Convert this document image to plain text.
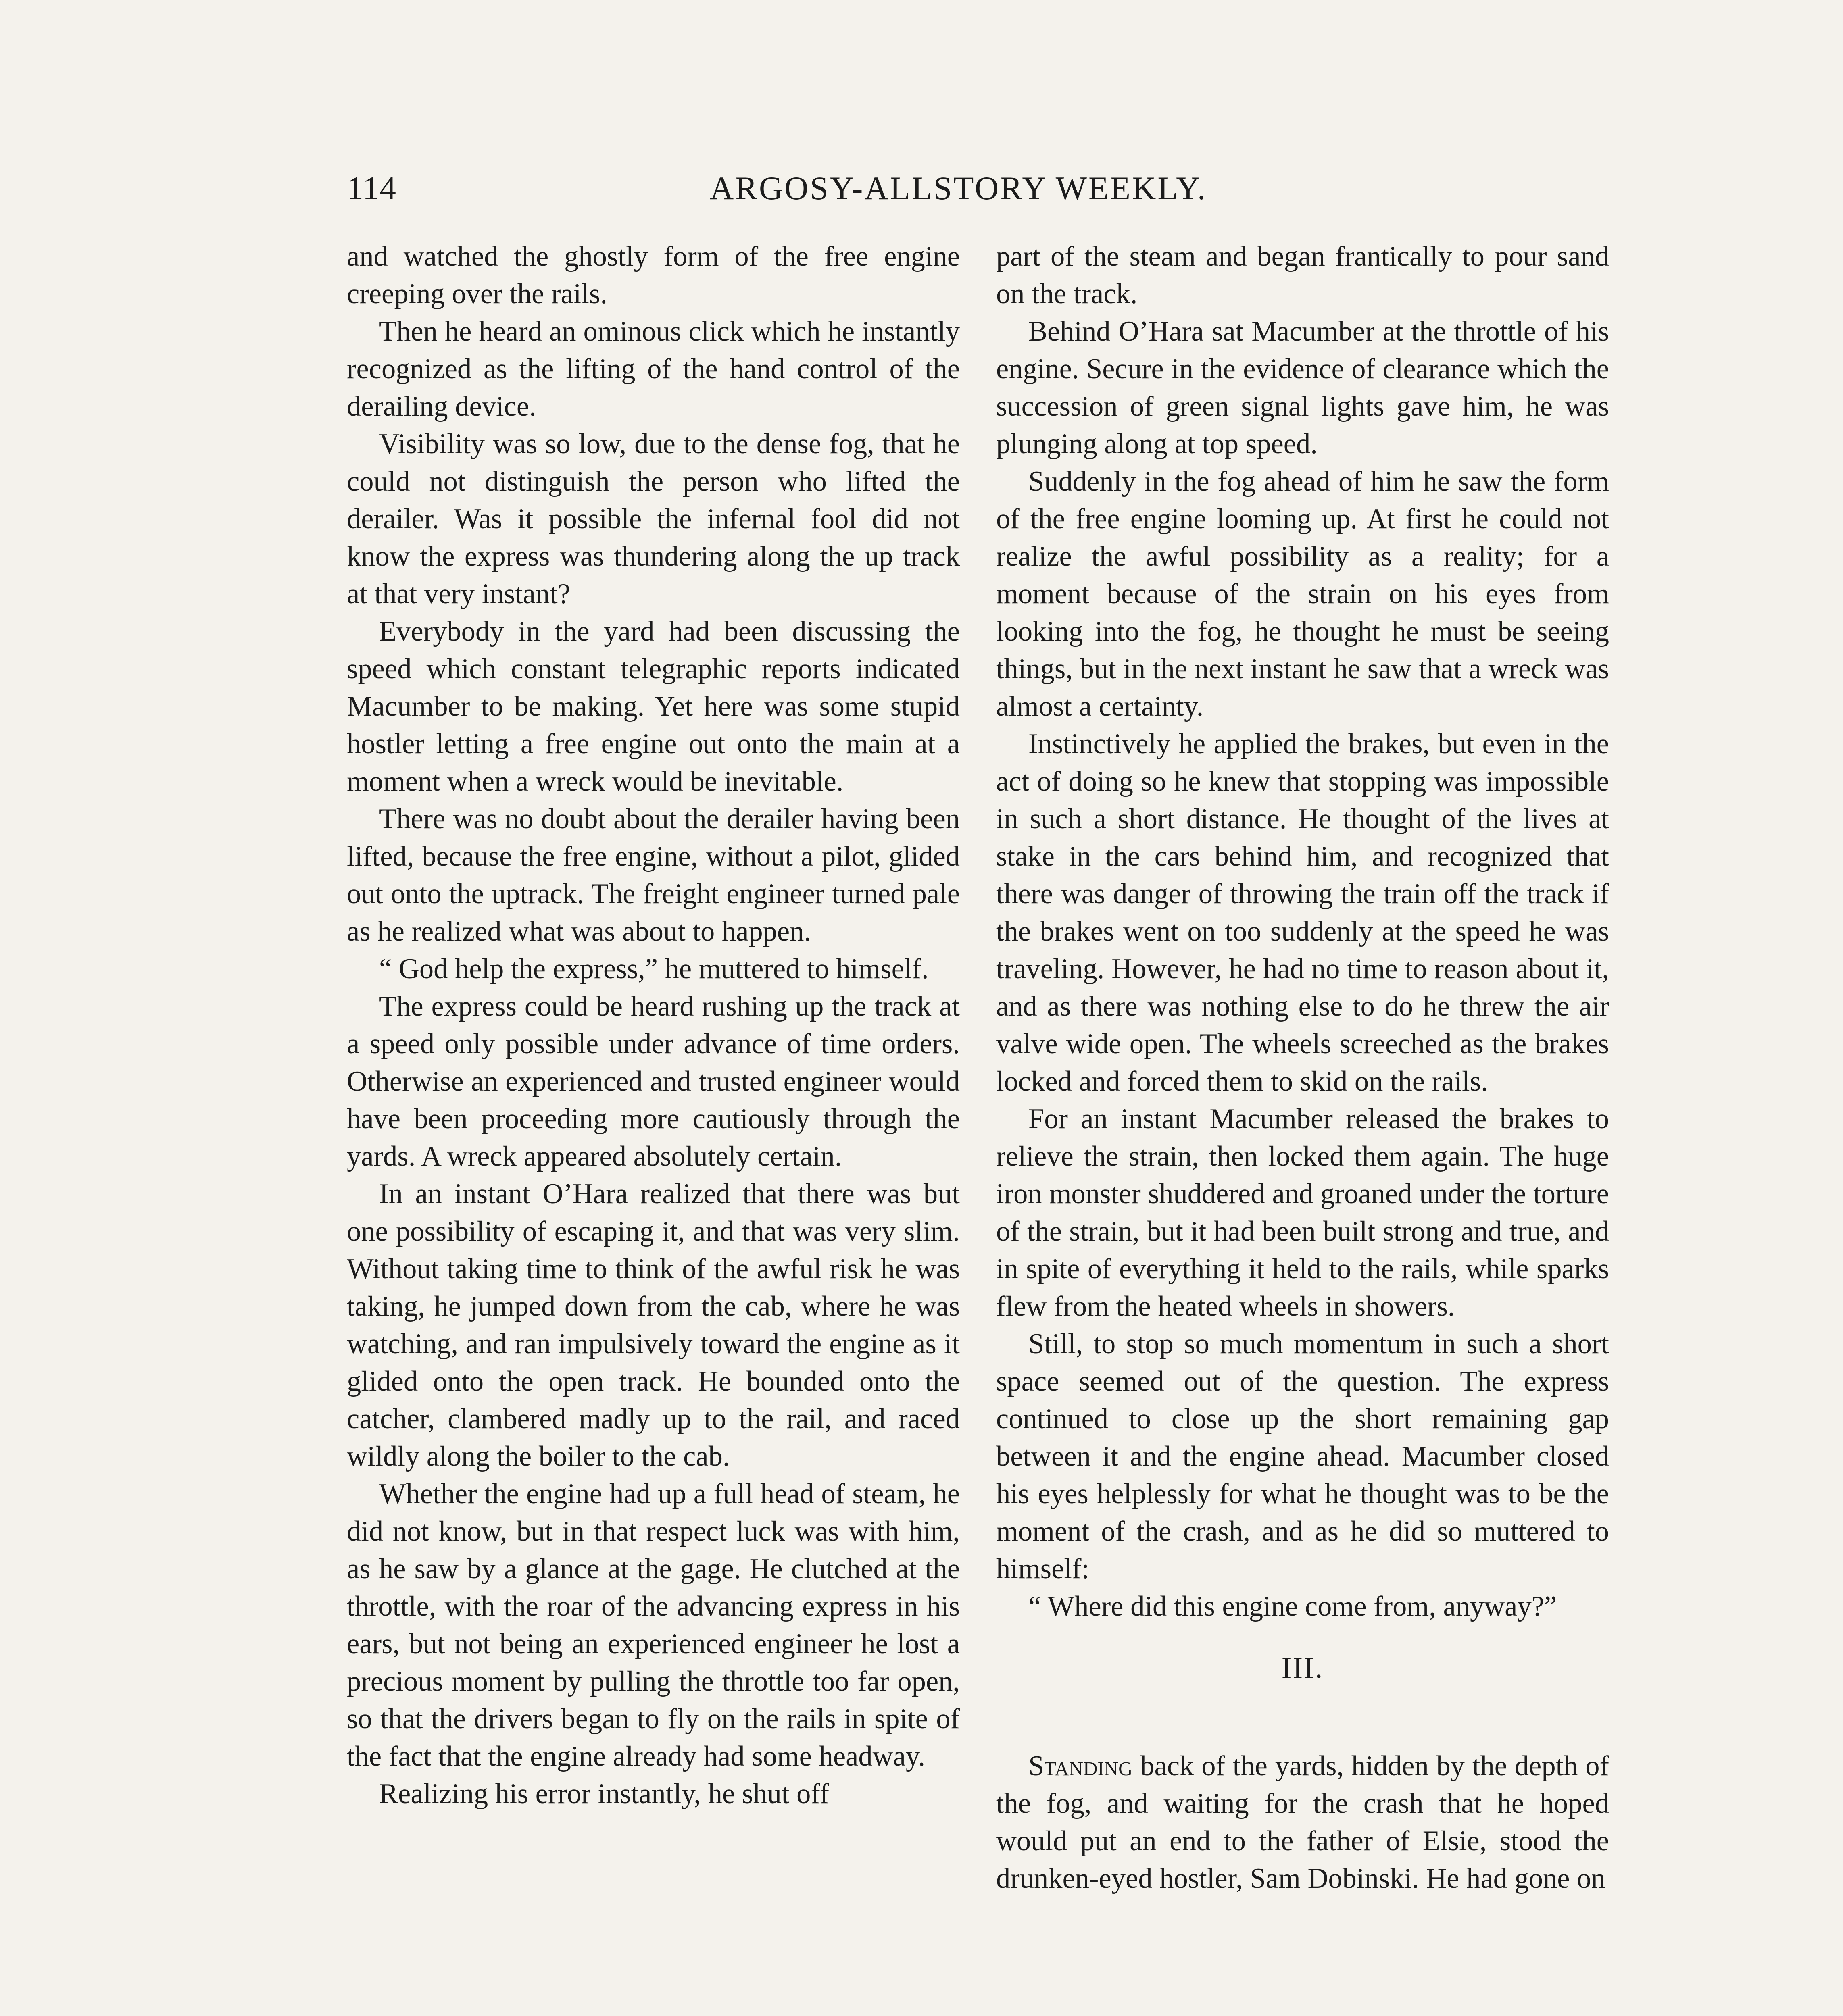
114	ARGOSY-ALLSTORY WEEKLY.

and watched the ghostly form of the free engine creeping over the rails.

Then he heard an ominous click which he instantly recognized as the lifting of the hand control of the derailing device.

Visibility was so low, due to the dense fog, that he could not distinguish the person who lifted the derailer. Was it possible the infernal fool did not know the express was thundering along the up track at that very instant?

Everybody in the yard had been discussing the speed which constant telegraphic reports indicated Macumber to be making. Yet here was some stupid hostler letting a free engine out onto the main at a moment when a wreck would be inevitable.

There was no doubt about the derailer having been lifted, because the free engine, without a pilot, glided out onto the uptrack. The freight engineer turned pale as he realized what was about to happen.

“ God help the express,” he muttered to himself.

The express could be heard rushing up the track at a speed only possible under advance of time orders. Otherwise an experienced and trusted engineer would have been proceeding more cautiously through the yards. A wreck appeared absolutely certain.

In an instant O’Hara realized that there was but one possibility of escaping it, and that was very slim. Without taking time to think of the awful risk he was taking, he jumped down from the cab, where he was watching, and ran impulsively toward the engine as it glided onto the open track. He bounded onto the catcher, clambered madly up to the rail, and raced wildly along the boiler to the cab.

Whether the engine had up a full head of steam, he did not know, but in that respect luck was with him, as he saw by a glance at the gage. He clutched at the throttle, with the roar of the advancing express in his ears, but not being an experienced engineer he lost a precious moment by pulling the throttle too far open, so that the drivers began to fly on the rails in spite of the fact that the engine already had some headway.

Realizing his error instantly, he shut off

part of the steam and began frantically to pour sand on the track.

Behind O’Hara sat Macumber at the throttle of his engine. Secure in the evidence of clearance which the succession of green signal lights gave him, he was plunging along at top speed.

Suddenly in the fog ahead of him he saw the form of the free engine looming up. At first he could not realize the awful possibility as a reality; for a moment because of the strain on his eyes from looking into the fog, he thought he must be seeing things, but in the next instant he saw that a wreck was almost a certainty.

Instinctively he applied the brakes, but even in the act of doing so he knew that stopping was impossible in such a short distance. He thought of the lives at stake in the cars behind him, and recognized that there was danger of throwing the train off the track if the brakes went on too suddenly at the speed he was traveling. However, he had no time to reason about it, and as there was nothing else to do he threw the air valve wide open. The wheels screeched as the brakes locked and forced them to skid on the rails.

For an instant Macumber released the brakes to relieve the strain, then locked them again. The huge iron monster shuddered and groaned under the torture of the strain, but it had been built strong and true, and in spite of everything it held to the rails, while sparks flew from the heated wheels in showers.

Still, to stop so much momentum in such a short space seemed out of the question. The express continued to close up the short remaining gap between it and the engine ahead. Macumber closed his eyes helplessly for what he thought was to be the moment of the crash, and as he did so muttered to himself:

“ Where did this engine come from, anyway?”

III.

Standing back of the yards, hidden by the depth of the fog, and waiting for the crash that he hoped would put an end to the father of Elsie, stood the drunken-eyed hostler, Sam Dobinski. He had gone on
